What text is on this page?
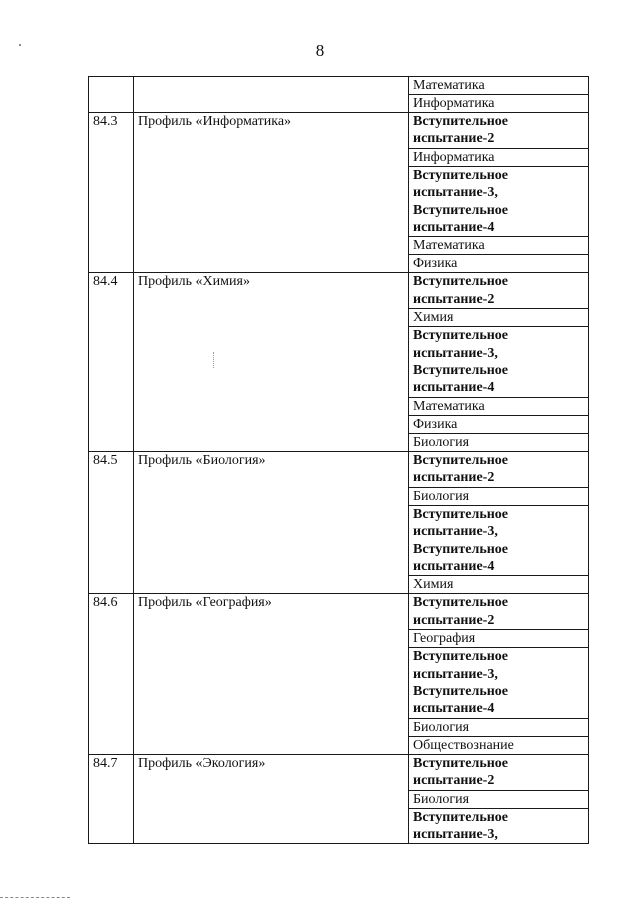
8
		Математика
		Информатика
84.3	Профиль «Информатика»	Вступительное
испытание-2

		Информатика

		Вступительное
испытание-3,
Вступительное
испытание-4

		Математика
		Физика
84.4	Профиль «Химия»	Вступительное
испытание-2

		Химия

		Вступительное
испытание-3,
Вступительное
испытание-4

		Математика
		Физика
		Биология
84.5	Профиль «Биология»	Вступительное
испытание-2

		Биология

		Вступительное
испытание-3,
Вступительное
испытание-4

		Химия
84.6	Профиль «География»	Вступительное
испытание-2

		География

		Вступительное
испытание-3,
Вступительное
испытание-4

		Биология
		Обществознание
84.7	Профиль «Экология»	Вступительное
испытание-2

		Биология

		Вступительное
испытание-3,
